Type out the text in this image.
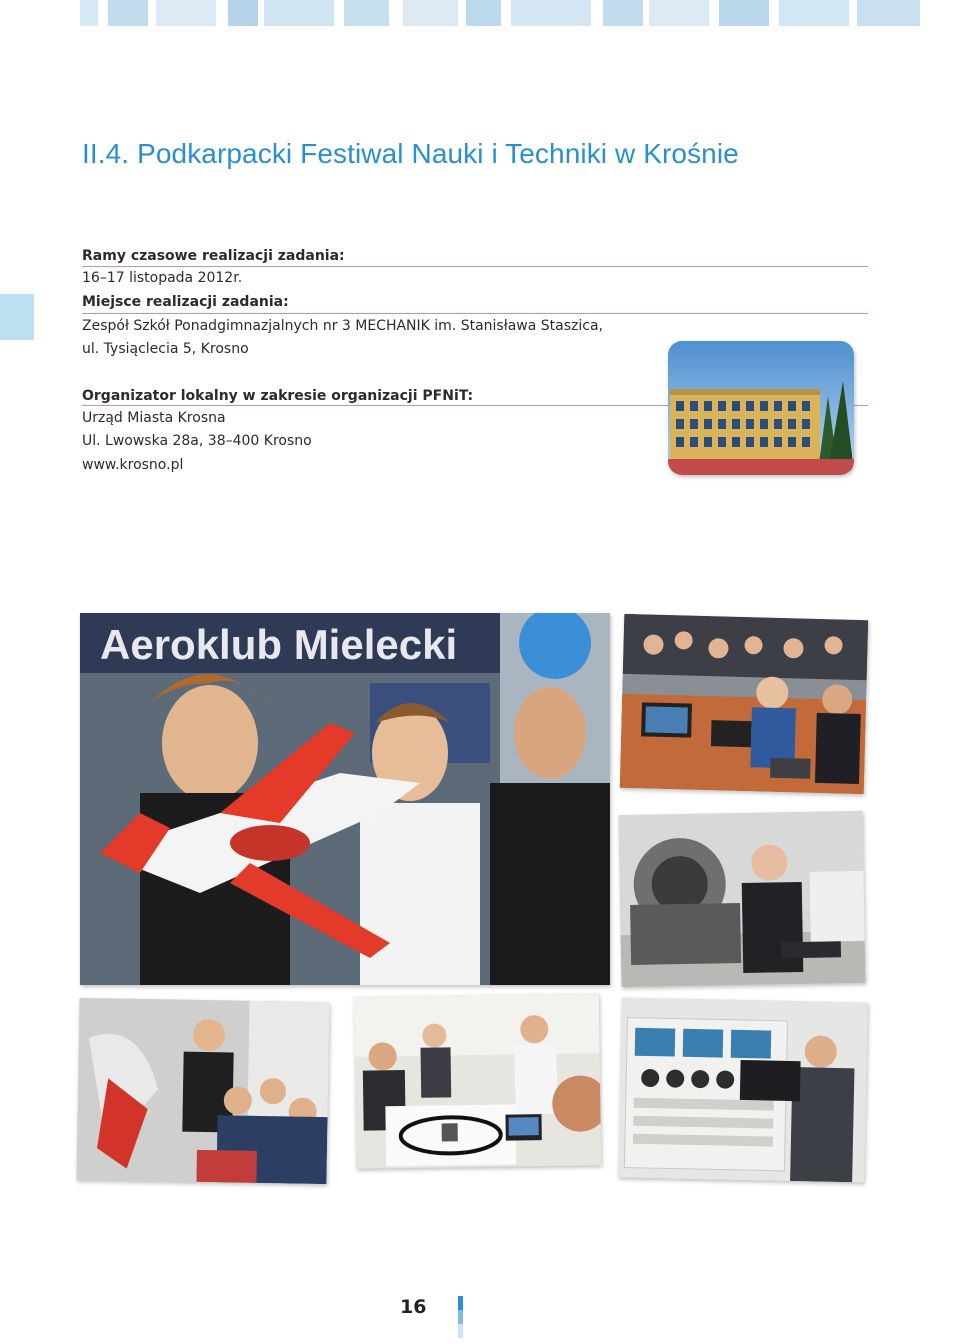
II.4. Podkarpacki Festiwal Nauki i Techniki w Krośnie
Ramy czasowe realizacji zadania:
16–17 listopada 2012r.
Miejsce realizacji zadania:
Zespół Szkół Ponadgimnazjalnych nr 3 MECHANIK im. Stanisława Staszica,
ul. Tysiąclecia 5, Krosno
Organizator lokalny w zakresie organizacji PFNiT:
Urząd Miasta Krosna
Ul. Lwowska 28a, 38–400 Krosno
www.krosno.pl
Aeroklub Mielecki
16
